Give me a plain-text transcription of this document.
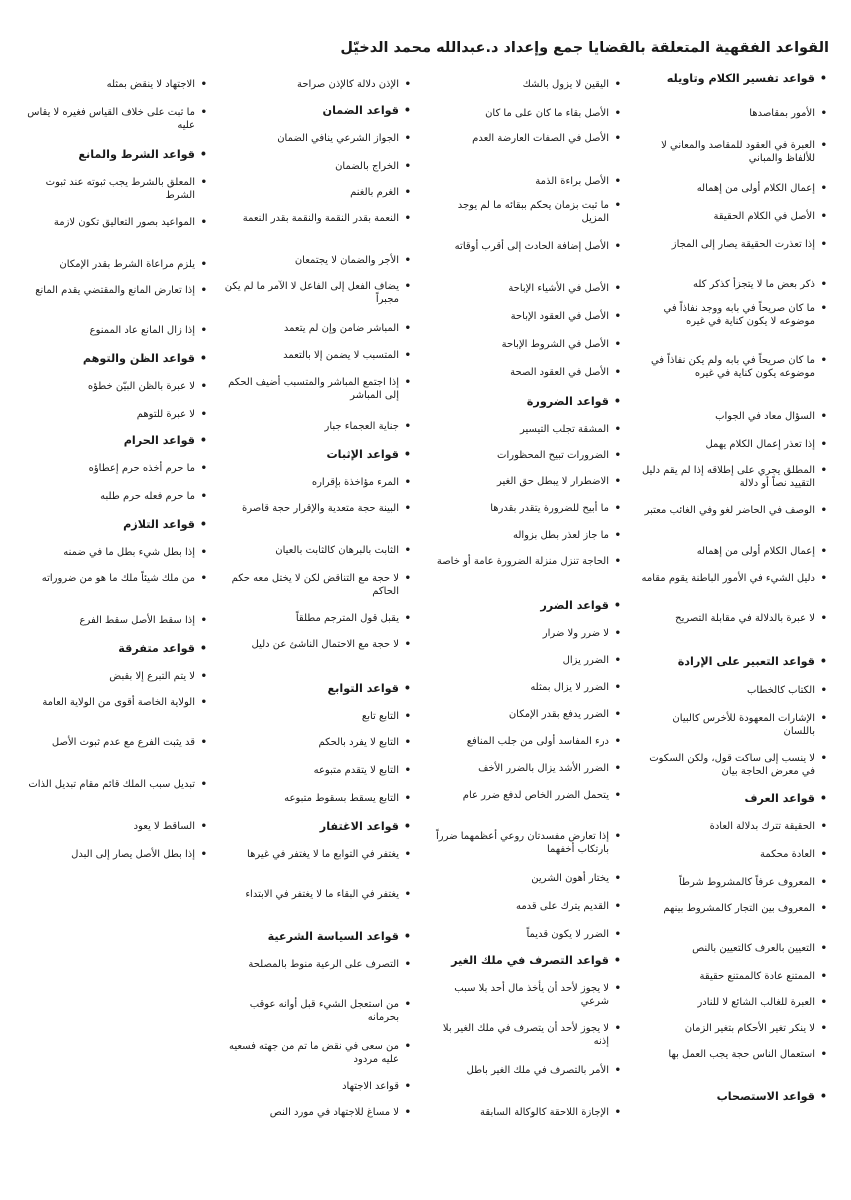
القواعد الفقهية المتعلقة بالقضايا جمع وإعداد د.عبدالله محمد الدخيّل
• قواعد تفسير الكلام وتاويله
• الأمور بمقاصدها
• العبرة في العقود للمقاصد والمعاني لا للألفاظ والمباني
• إعمال الكلام أولى من إهماله
• الأصل في الكلام الحقيقة
• إذا تعذرت الحقيقة يصار إلى المجاز
• ذكر بعض ما لا يتجزأ كذكر كله
• ما كان صريحاً في بابه ووجد نفاذاً في موضوعه لا يكون كناية في غيره
• ما كان صريحاً في بابه ولم يكن نفاذاً في موضوعه يكون كناية في غيره
• السؤال معاد في الجواب
• إذا تعذر إعمال الكلام يهمل
• المطلق يجري على إطلاقه إذا لم يقم دليل التقييد نصاً أو دلالة
• الوصف في الحاضر لغو وفي الغائب معتبر
• إعمال الكلام أولى من إهماله
• دليل الشيء في الأمور الباطنة يقوم مقامه
• لا عبرة بالدلالة في مقابلة التصريح
• قواعد التعبير على الإرادة
• الكتاب كالخطاب
• الإشارات المعهودة للأخرس كالبيان باللسان
• لا ينسب إلى ساكت قول، ولكن السكوت في معرض الحاجة بيان
• قواعد العرف
• الحقيقة تترك بدلالة العادة
• العادة محكمة
• المعروف عرفاً كالمشروط شرطاً
• المعروف بين التجار كالمشروط بينهم
• التعيين بالعرف كالتعيين بالنص
• الممتنع عادة كالممتنع حقيقة
• العبرة للغالب الشائع لا للنادر
• لا ينكر تغير الأحكام بتغير الزمان
• استعمال الناس حجة يجب العمل بها
• قواعد الاستصحاب
• اليقين لا يزول بالشك
• الأصل بقاء ما كان على ما كان
• الأصل في الصفات العارضة العدم
• الأصل براءة الذمة
• ما ثبت بزمان يحكم ببقائه ما لم يوجد المزيل
• الأصل إضافة الحادث إلى أقرب أوقاته
• الأصل في الأشياء الإباحة
• الأصل في العقود الإباحة
• الأصل في الشروط الإباحة
• الأصل في العقود الصحة
• قواعد الضرورة
• المشقة تجلب التيسير
• الضرورات تبيح المحظورات
• الاضطرار لا يبطل حق الغير
• ما أبيح للضرورة يتقدر بقدرها
• ما جاز لعذر بطل بزواله
• الحاجة تنزل منزلة الضرورة عامة أو خاصة
• قواعد الضرر
• لا ضرر ولا ضرار
• الضرر يزال
• الضرر لا يزال بمثله
• الضرر يدفع بقدر الإمكان
• درء المفاسد أولى من جلب المنافع
• الضرر الأشد يزال بالضرر الأخف
• يتحمل الضرر الخاص لدفع ضرر عام
• إذا تعارض مفسدتان روعي أعظمهما ضرراً بارتكاب أخفهما
• يختار أهون الشرين
• القديم يترك على قدمه
• الضرر لا يكون قديماً
• قواعد التصرف في ملك الغير
• لا يجوز لأحد أن يأخذ مال أحد بلا سبب شرعي
• لا يجوز لأحد أن يتصرف في ملك الغير بلا إذنه
• الأمر بالتصرف في ملك الغير باطل
• الإجازة اللاحقة كالوكالة السابقة
• الإذن دلالة كالإذن صراحة
• قواعد الضمان
• الجواز الشرعي ينافي الضمان
• الخراج بالضمان
• الغرم بالغنم
• النعمة بقدر النقمة والنقمة بقدر النعمة
• الأجر والضمان لا يجتمعان
• يضاف الفعل إلى الفاعل لا الآمر ما لم يكن مجبراً
• المباشر ضامن وإن لم يتعمد
• المتسبب لا يضمن إلا بالتعمد
• إذا اجتمع المباشر والمتسبب أضيف الحكم إلى المباشر
• جناية العجماء جبار
• قواعد الإثبات
• المرء مؤاخذة بإقراره
• البينة حجة متعدية والإقرار حجة قاصرة
• الثابت بالبرهان كالثابت بالعيان
• لا حجة مع التناقض لكن لا يختل معه حكم الحاكم
• يقبل قول المترجم مطلقاً
• لا حجة مع الاحتمال الناشئ عن دليل
• قواعد التوابع
• التابع تابع
• التابع لا يفرد بالحكم
• التابع لا يتقدم متبوعه
• التابع يسقط بسقوط متبوعه
• قواعد الاغتفار
• يغتفر في التوابع ما لا يغتفر في غيرها
• يغتفر في البقاء ما لا يغتفر في الابتداء
• قواعد السياسة الشرعية
• التصرف على الرعية منوط بالمصلحة
• من استعجل الشيء قبل أوانه عوقب بحرمانه
• من سعى في نقض ما تم من جهته فسعيه عليه مردود
• قواعد الاجتهاد
• لا مساغ للاجتهاد في مورد النص
• الاجتهاد لا ينقض بمثله
• ما ثبت على خلاف القياس فغيره لا يقاس عليه
• قواعد الشرط والمانع
• المعلق بالشرط يجب ثبوته عند ثبوت الشرط
• المواعيد بصور التعاليق تكون لازمة
• يلزم مراعاة الشرط بقدر الإمكان
• إذا تعارض المانع والمقتضي يقدم المانع
• إذا زال المانع عاد الممنوع
• قواعد الظن والتوهم
• لا عبرة بالظن البيّن خطؤه
• لا عبرة للتوهم
• قواعد الحرام
• ما حرم أخذه حرم إعطاؤه
• ما حرم فعله حرم طلبه
• قواعد التلازم
• إذا بطل شيء بطل ما في ضمنه
• من ملك شيئاً ملك ما هو من ضروراته
• إذا سقط الأصل سقط الفرع
• قواعد متفرقة
• لا يتم التبرع إلا بقبض
• الولاية الخاصة أقوى من الولاية العامة
• قد يثبت الفرع مع عدم ثبوت الأصل
• تبديل سبب الملك قائم مقام تبديل الذات
• الساقط لا يعود
• إذا بطل الأصل يصار إلى البدل
